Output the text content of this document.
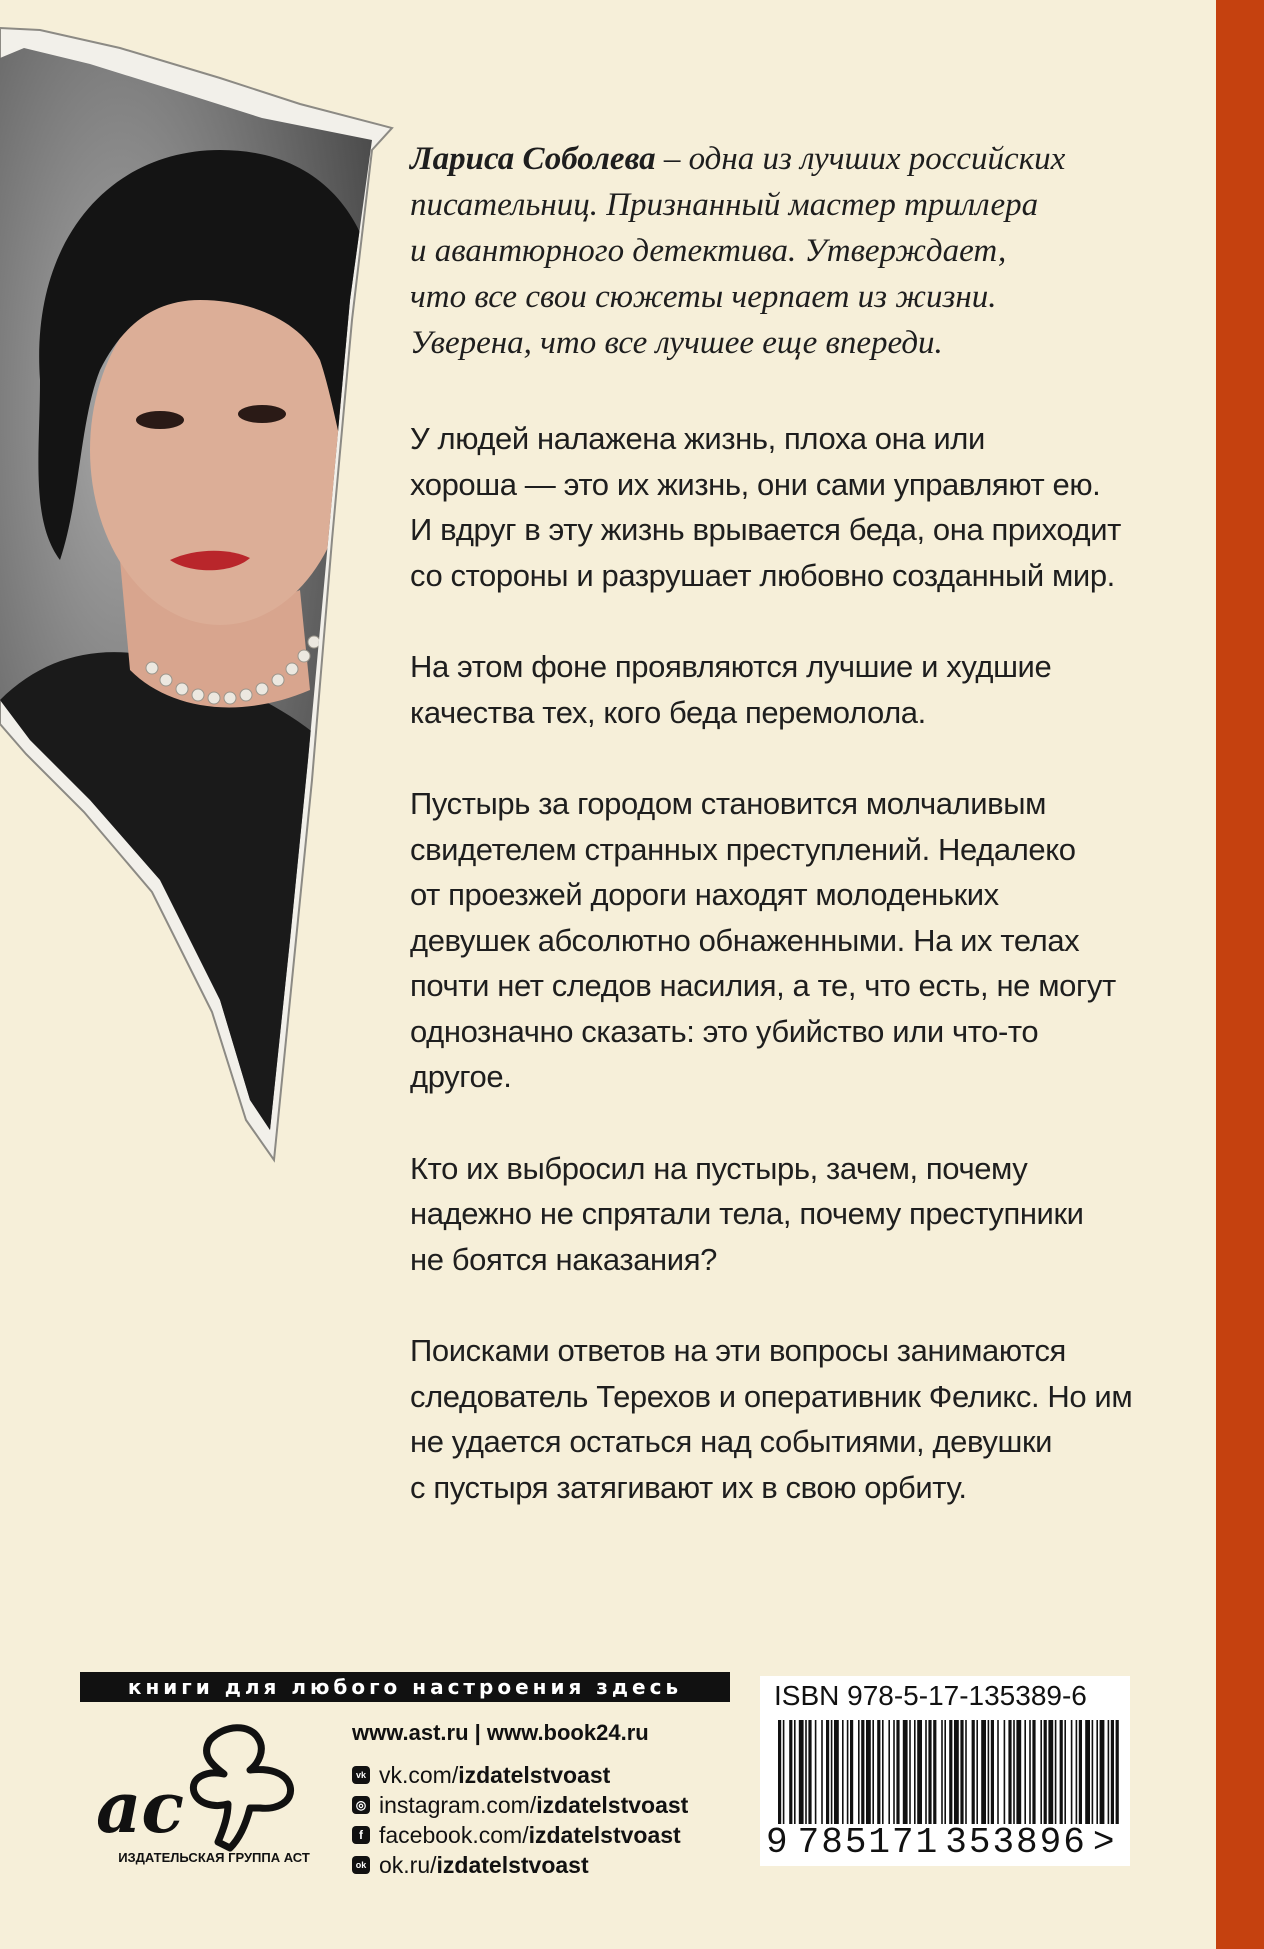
Лариса Соболева – одна из лучших российских
писательниц. Признанный мастер триллера
и авантюрного детектива. Утверждает,
что все свои сюжеты черпает из жизни.
Уверена, что все лучшее еще впереди.

У людей налажена жизнь, плоха она или
хороша — это их жизнь, они сами управляют ею.
И вдруг в эту жизнь врывается беда, она приходит
со стороны и разрушает любовно созданный мир.

На этом фоне проявляются лучшие и худшие
качества тех, кого беда перемолола.

Пустырь за городом становится молчаливым
свидетелем странных преступлений. Недалеко
от проезжей дороги находят молоденьких
девушек абсолютно обнаженными. На их телах
почти нет следов насилия, а те, что есть, не могут
однозначно сказать: это убийство или что-то
другое.

Кто их выбросил на пустырь, зачем, почему
надежно не спрятали тела, почему преступники
не боятся наказания?

Поисками ответов на эти вопросы занимаются
следователь Терехов и оперативник Феликс. Но им
не удается остаться над событиями, девушки
с пустыря затягивают их в свою орбиту.

книги для любого настроения здесь
ac
ИЗДАТЕЛЬСКАЯ ГРУППА АСТ
www.ast.ru | www.book24.ru
vk vk.com/ izdatelstvoast
◎ instagram.com/ izdatelstvoast
f facebook.com/ izdatelstvoast
ok ok.ru/ izdatelstvoast
ISBN 978-5-17-135389-6
9 785171 353896 >
